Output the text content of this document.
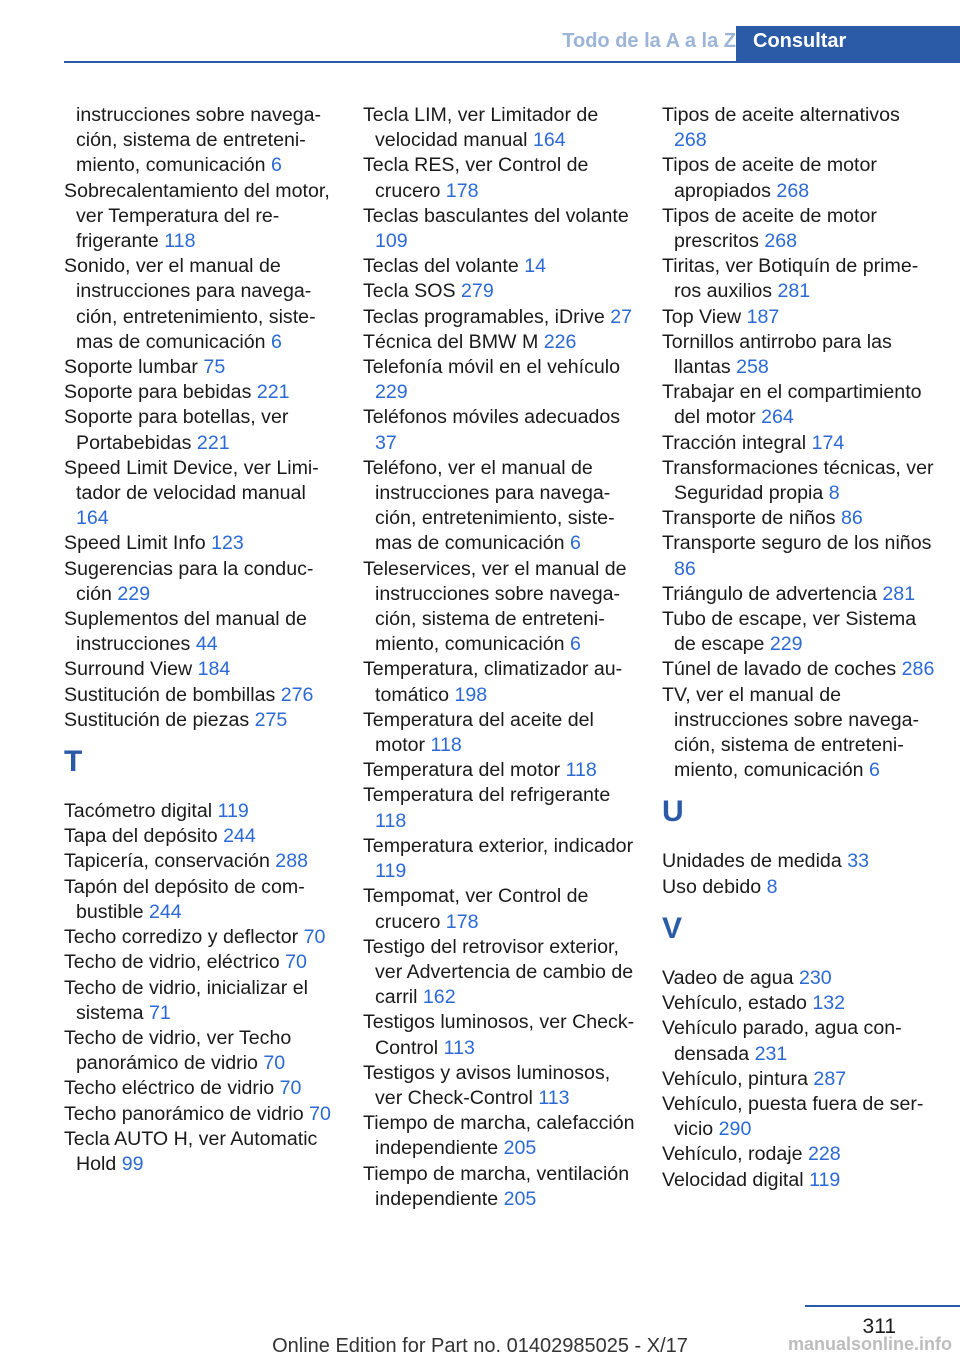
Todo de la A a la Z Consultar
instrucciones sobre navegación, sistema de entretenimiento, comunicación 6
Sobrecalentamiento del motor, ver Temperatura del refrigerante 118
Sonido, ver el manual de instrucciones para navegación, entretenimiento, sistemas de comunicación 6
Soporte lumbar 75
Soporte para bebidas 221
Soporte para botellas, ver Portabebidas 221
Speed Limit Device, ver Limitador de velocidad manual 164
Speed Limit Info 123
Sugerencias para la conducción 229
Suplementos del manual de instrucciones 44
Surround View 184
Sustitución de bombillas 276
Sustitución de piezas 275
T
Tacómetro digital 119
Tapa del depósito 244
Tapicería, conservación 288
Tapón del depósito de combustible 244
Techo corredizo y deflector 70
Techo de vidrio, eléctrico 70
Techo de vidrio, inicializar el sistema 71
Techo de vidrio, ver Techo panorámico de vidrio 70
Techo eléctrico de vidrio 70
Techo panorámico de vidrio 70
Tecla AUTO H, ver Automatic Hold 99
Tecla LIM, ver Limitador de velocidad manual 164
Tecla RES, ver Control de crucero 178
Teclas basculantes del volante 109
Teclas del volante 14
Tecla SOS 279
Teclas programables, iDrive 27
Técnica del BMW M 226
Telefonía móvil en el vehículo 229
Teléfonos móviles adecuados 37
Teléfono, ver el manual de instrucciones para navegación, entretenimiento, sistemas de comunicación 6
Teleservices, ver el manual de instrucciones sobre navegación, sistema de entretenimiento, comunicación 6
Temperatura, climatizador automático 198
Temperatura del aceite del motor 118
Temperatura del motor 118
Temperatura del refrigerante 118
Temperatura exterior, indicador 119
Tempomat, ver Control de crucero 178
Testigo del retrovisor exterior, ver Advertencia de cambio de carril 162
Testigos luminosos, ver Check-Control 113
Testigos y avisos luminosos, ver Check-Control 113
Tiempo de marcha, calefacción independiente 205
Tiempo de marcha, ventilación independiente 205
Tipos de aceite alternativos 268
Tipos de aceite de motor apropiados 268
Tipos de aceite de motor prescritos 268
Tiritas, ver Botiquín de primeros auxilios 281
Top View 187
Tornillos antirrobo para las llantas 258
Trabajar en el compartimiento del motor 264
Tracción integral 174
Transformaciones técnicas, ver Seguridad propia 8
Transporte de niños 86
Transporte seguro de los niños 86
Triángulo de advertencia 281
Tubo de escape, ver Sistema de escape 229
Túnel de lavado de coches 286
TV, ver el manual de instrucciones sobre navegación, sistema de entretenimiento, comunicación 6
U
Unidades de medida 33
Uso debido 8
V
Vadeo de agua 230
Vehículo, estado 132
Vehículo parado, agua condensada 231
Vehículo, pintura 287
Vehículo, puesta fuera de servicio 290
Vehículo, rodaje 228
Velocidad digital 119
311
Online Edition for Part no. 01402985025 - X/17	manualsonline.info
